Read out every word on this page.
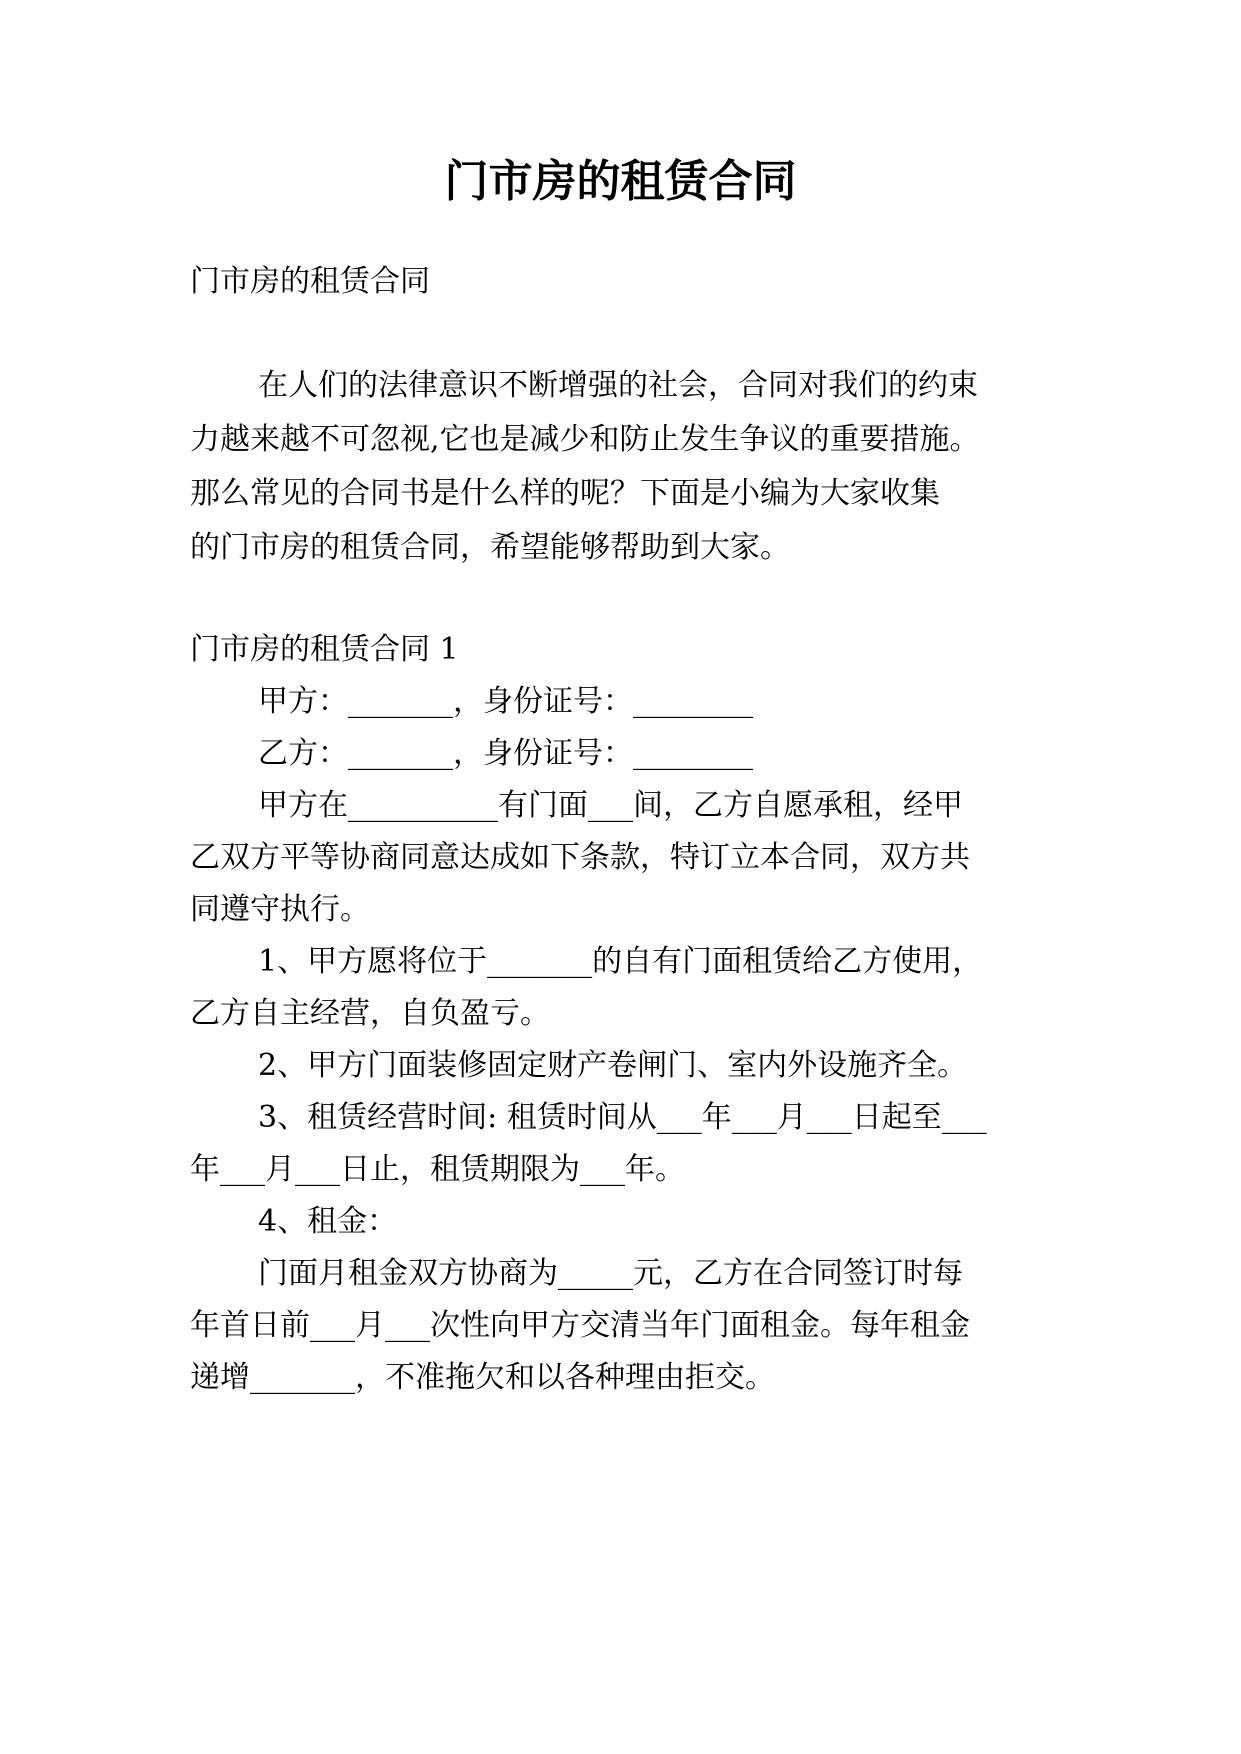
门市房的租赁合同
门市房的租赁合同
在人们的法律意识不断增强的社会，合同对我们的约束
力越来越不可忽视,它也是减少和防止发生争议的重要措施。
那么常见的合同书是什么样的呢？下面是小编为大家收集
的门市房的租赁合同，希望能够帮助到大家。
门市房的租赁合同 1
甲方：_______，身份证号：________
乙方：_______，身份证号：________
甲方在__________有门面___间，乙方自愿承租，经甲
乙双方平等协商同意达成如下条款，特订立本合同，双方共
同遵守执行。
1、甲方愿将位于_______的自有门面租赁给乙方使用，
乙方自主经营，自负盈亏。
2、甲方门面装修固定财产卷闸门、室内外设施齐全。
3、租赁经营时间: 租赁时间从___年___月___日起至___
年___月___日止，租赁期限为___年。
4、租金：
门面月租金双方协商为_____元，乙方在合同签订时每
年首日前___月___次性向甲方交清当年门面租金。每年租金
递增_______，不准拖欠和以各种理由拒交。
